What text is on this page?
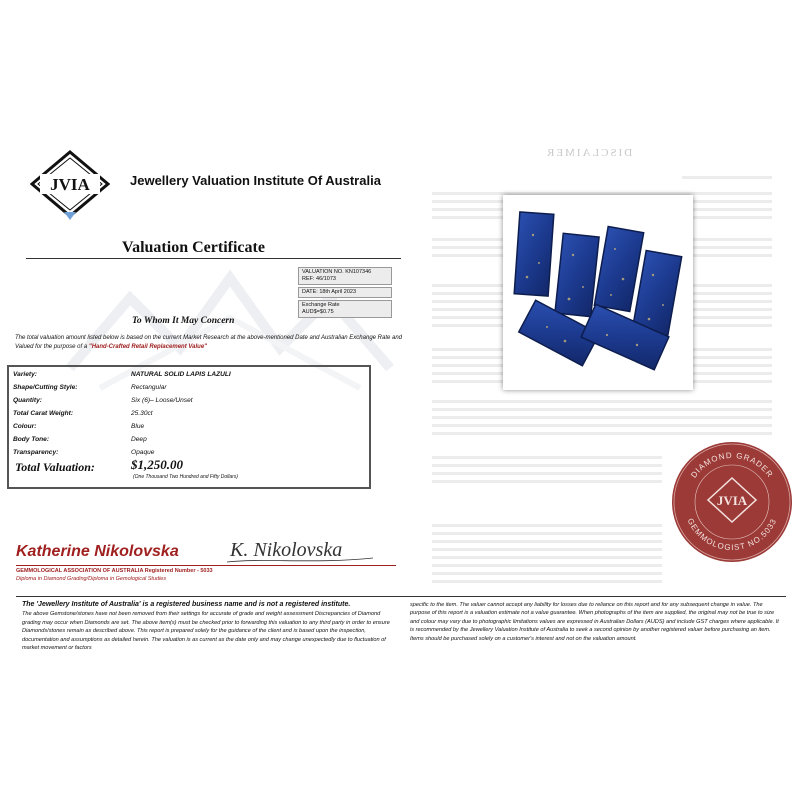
JVIA	Jewellery Valuation Institute Of Australia
Valuation Certificate
VALUATION NO. KN107346
REF: 46/1073
DATE: 18th April 2023
Exchange Rate
AUD$=$0.75
To Whom It May Concern
The total valuation amount listed below is based on the current Market Research at the above-mentioned Date and Australian Exchange Rate and Valued for the purpose of a "Hand-Crafted Retail Replacement Value"
Variety:	NATURAL SOLID LAPIS LAZULI
Shape/Cutting Style:	Rectangular
Quantity:	Six (6)– Loose/Unset
Total Carat Weight:	25.30ct
Colour:	Blue
Body Tone:	Deep
Transparency:	Opaque
Total Valuation:	$1,250.00
(One Thousand Two Hundred and Fifty Dollars)
Katherine Nikolovska	K. Nikolovska
GEMMOLOGICAL ASSOCIATION OF AUSTRALIA Registered Number - 5033
Diploma in Diamond Grading/Diploma in Gemological Studies
The 'Jewellery Institute of Australia' is a registered business name and is not a registered institute.
The above Gemstone/stones have not been removed from their settings for accurate of grade and weight assessment Discrepancies of Diamond grading may occur when Diamonds are set. The above item(s) must be checked prior to forwarding this valuation to any third party in order to ensure Diamonds/stones remain as described above. This report is prepared solely for the guidance of the client and is based upon the inspection, documentation and assumptions as detailed herein. The valuation is as current as the date only and may change unexpectedly due to fluctuation of market movement or factors
specific to the item. The valuer cannot accept any liability for losses due to reliance on this report and for any subsequent change in value. The purpose of this report is a valuation estimate not a value guarantee. When photographs of the item are supplied, the original may not be true to size and colour may vary due to photographic limitations values are expressed in Australian Dollars (AUDS) and include GST charges where applicable. It is recommended by the Jewellery Valuation Institute of Australia to seek a second opinion by another registered valuer before purchasing an item. Items should be purchased solely on a customer's interest and not on the valuation amount.
DISCLAIMER
DIAMOND GRADER
GEMMOLOGIST NO.5033
JVIA
